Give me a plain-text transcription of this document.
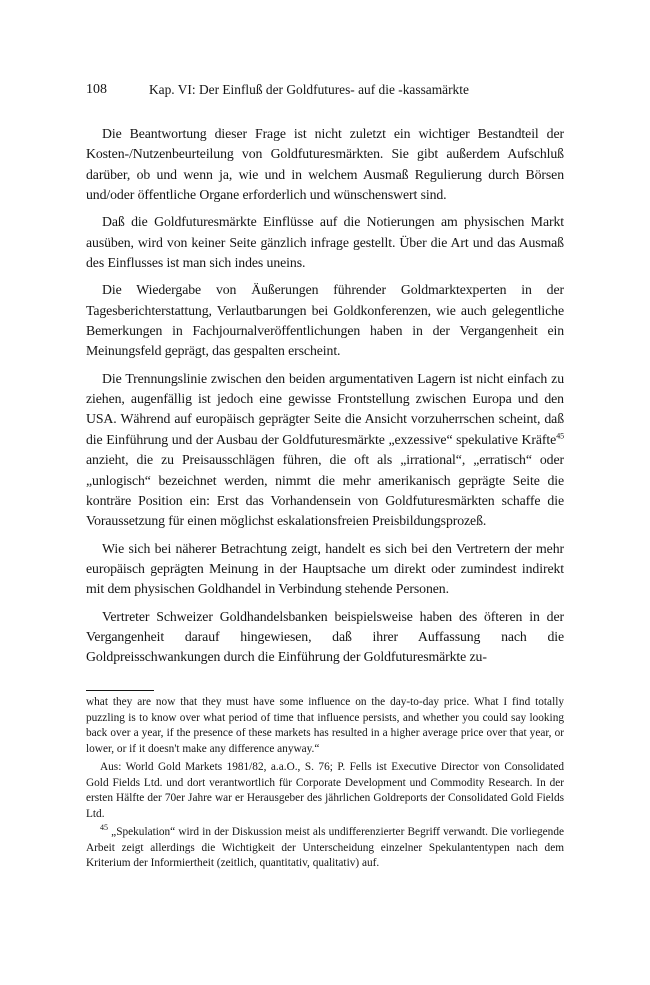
108	Kap. VI: Der Einfluß der Goldfutures- auf die -kassamärkte

Die Beantwortung dieser Frage ist nicht zuletzt ein wichtiger Bestandteil der Kosten-/Nutzenbeurteilung von Goldfuturesmärkten. Sie gibt außerdem Aufschluß darüber, ob und wenn ja, wie und in welchem Ausmaß Regulierung durch Börsen und/oder öffentliche Organe erforderlich und wünschenswert sind.

Daß die Goldfuturesmärkte Einflüsse auf die Notierungen am physischen Markt ausüben, wird von keiner Seite gänzlich infrage gestellt. Über die Art und das Ausmaß des Einflusses ist man sich indes uneins.

Die Wiedergabe von Äußerungen führender Goldmarktexperten in der Tagesberichterstattung, Verlautbarungen bei Goldkonferenzen, wie auch gelegentliche Bemerkungen in Fachjournalveröffentlichungen haben in der Vergangenheit ein Meinungsfeld geprägt, das gespalten erscheint.

Die Trennungslinie zwischen den beiden argumentativen Lagern ist nicht einfach zu ziehen, augenfällig ist jedoch eine gewisse Frontstellung zwischen Europa und den USA. Während auf europäisch geprägter Seite die Ansicht vorzuherrschen scheint, daß die Einführung und der Ausbau der Goldfuturesmärkte „exzessive“ spekulative Kräfte$^{45}$ anzieht, die zu Preisausschlägen führen, die oft als „irrational“, „erratisch“ oder „unlogisch“ bezeichnet werden, nimmt die mehr amerikanisch geprägte Seite die konträre Position ein: Erst das Vorhandensein von Goldfuturesmärkten schaffe die Voraussetzung für einen möglichst eskalationsfreien Preisbildungsprozeß.

Wie sich bei näherer Betrachtung zeigt, handelt es sich bei den Vertretern der mehr europäisch geprägten Meinung in der Hauptsache um direkt oder zumindest indirekt mit dem physischen Goldhandel in Verbindung stehende Personen.

Vertreter Schweizer Goldhandelsbanken beispielsweise haben des öfteren in der Vergangenheit darauf hingewiesen, daß ihrer Auffassung nach die Goldpreisschwankungen durch die Einführung der Goldfuturesmärkte zu-

what they are now that they must have some influence on the day-to-day price. What I find totally puzzling is to know over what period of time that influence persists, and whether you could say looking back over a year, if the presence of these markets has resulted in a higher average price over that year, or lower, or if it doesn't make any difference anyway.“

Aus: World Gold Markets 1981/82, a.a.O., S. 76; P. Fells ist Executive Director von Consolidated Gold Fields Ltd. und dort verantwortlich für Corporate Development und Commodity Research. In der ersten Hälfte der 70er Jahre war er Herausgeber des jährlichen Goldreports der Consolidated Gold Fields Ltd.

$^{45}$ „Spekulation“ wird in der Diskussion meist als undifferenzierter Begriff verwandt. Die vorliegende Arbeit zeigt allerdings die Wichtigkeit der Unterscheidung einzelner Spekulantentypen nach dem Kriterium der Informiertheit (zeitlich, quantitativ, qualitativ) auf.
